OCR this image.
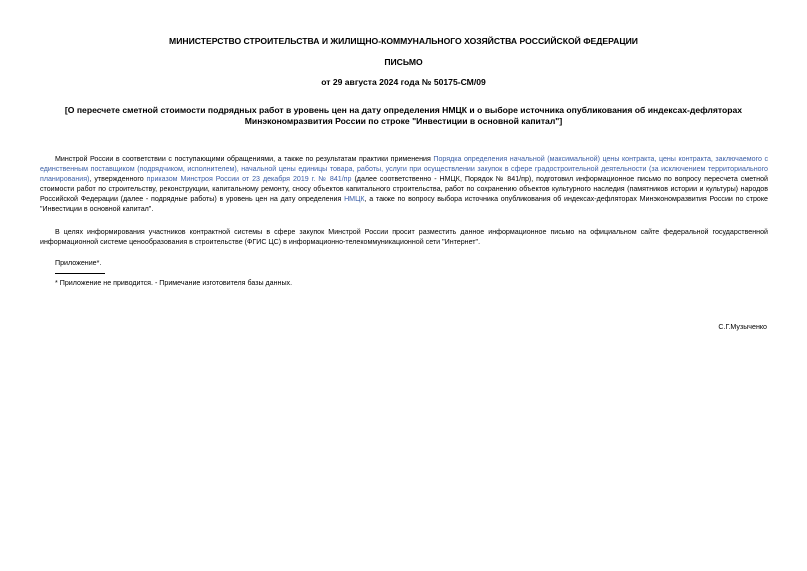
МИНИСТЕРСТВО СТРОИТЕЛЬСТВА И ЖИЛИЩНО-КОММУНАЛЬНОГО ХОЗЯЙСТВА РОССИЙСКОЙ ФЕДЕРАЦИИ

ПИСЬМО

от 29 августа 2024 года № 50175-СМ/09

[О пересчете сметной стоимости подрядных работ в уровень цен на дату определения НМЦК и о выборе источника опубликования об индексах-дефляторах Минэкономразвития России по строке "Инвестиции в основной капитал"]

Минстрой России в соответствии с поступающими обращениями, а также по результатам практики применения Порядка определения начальной (максимальной) цены контракта, цены контракта, заключаемого с единственным поставщиком (подрядчиком, исполнителем), начальной цены единицы товара, работы, услуги при осуществлении закупок в сфере градостроительной деятельности (за исключением территориального планирования), утвержденного приказом Минстроя России от 23 декабря 2019 г. № 841/пр (далее соответственно - НМЦК, Порядок № 841/пр), подготовил информационное письмо по вопросу пересчета сметной стоимости работ по строительству, реконструкции, капитальному ремонту, сносу объектов капитального строительства, работ по сохранению объектов культурного наследия (памятников истории и культуры) народов Российской Федерации (далее - подрядные работы) в уровень цен на дату определения НМЦК, а также по вопросу выбора источника опубликования об индексах-дефляторах Минэкономразвития России по строке "Инвестиции в основной капитал".

В целях информирования участников контрактной системы в сфере закупок Минстрой России просит разместить данное информационное письмо на официальном сайте федеральной государственной информационной системе ценообразования в строительстве (ФГИС ЦС) в информационно-телекоммуникационной сети "Интернет".

Приложение*.

* Приложение не приводится. - Примечание изготовителя базы данных.

С.Г.Музыченко
